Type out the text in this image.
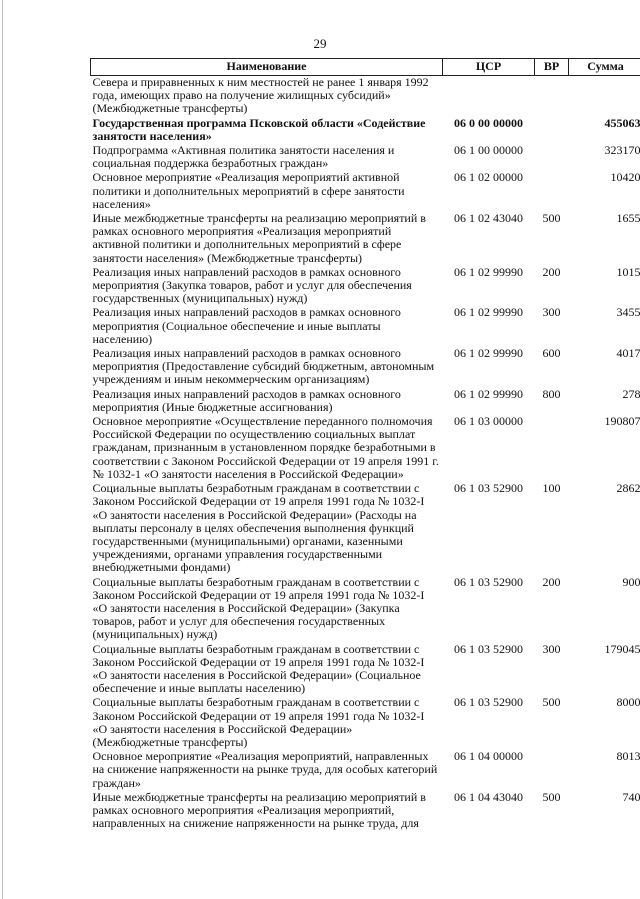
29
Наименование	ЦСР	ВР	Сумма
Севера и приравненных к ним местностей не ранее 1 января 1992 года, имеющих право на получение жилищных субсидий» (Межбюджетные трансферты)			
Государственная программа Псковской области «Содействие занятости населения»	06 0 00 00000		455063
Подпрограмма «Активная политика занятости населения и социальная поддержка безработных граждан»	06 1 00 00000		323170
Основное мероприятие «Реализация мероприятий активной политики и дополнительных мероприятий в сфере занятости населения»	06 1 02 00000		10420
Иные межбюджетные трансферты на реализацию мероприятий в рамках основного мероприятия «Реализация мероприятий активной политики и дополнительных мероприятий в сфере занятости населения» (Межбюджетные трансферты)	06 1 02 43040	500	1655
Реализация иных направлений расходов в рамках основного мероприятия (Закупка товаров, работ и услуг для обеспечения государственных (муниципальных) нужд)	06 1 02 99990	200	1015
Реализация иных направлений расходов в рамках основного мероприятия (Социальное обеспечение и иные выплаты населению)	06 1 02 99990	300	3455
Реализация иных направлений расходов в рамках основного мероприятия (Предоставление субсидий бюджетным, автономным учреждениям и иным некоммерческим организациям)	06 1 02 99990	600	4017
Реализация иных направлений расходов в рамках основного мероприятия (Иные бюджетные ассигнования)	06 1 02 99990	800	278
Основное мероприятие «Осуществление переданного полномочия Российской Федерации по осуществлению социальных выплат гражданам, признанным в установленном порядке безработными в соответствии с Законом Российской Федерации от 19 апреля 1991 г. № 1032-1 «О занятости населения в Российской Федерации»	06 1 03 00000		190807
Социальные выплаты безработным гражданам в соответствии с Законом Российской Федерации от 19 апреля 1991 года № 1032-I «О занятости населения в Российской Федерации» (Расходы на выплаты персоналу в целях обеспечения выполнения функций государственными (муниципальными) органами, казенными учреждениями, органами управления государственными внебюджетными фондами)	06 1 03 52900	100	2862
Социальные выплаты безработным гражданам в соответствии с Законом Российской Федерации от 19 апреля 1991 года № 1032-I «О занятости населения в Российской Федерации» (Закупка товаров, работ и услуг для обеспечения государственных (муниципальных) нужд)	06 1 03 52900	200	900
Социальные выплаты безработным гражданам в соответствии с Законом Российской Федерации от 19 апреля 1991 года № 1032-I «О занятости населения в Российской Федерации» (Социальное обеспечение и иные выплаты населению)	06 1 03 52900	300	179045
Социальные выплаты безработным гражданам в соответствии с Законом Российской Федерации от 19 апреля 1991 года № 1032-I «О занятости населения в Российской Федерации» (Межбюджетные трансферты)	06 1 03 52900	500	8000
Основное мероприятие «Реализация мероприятий, направленных на снижение напряженности на рынке труда, для особых категорий граждан»	06 1 04 00000		8013
Иные межбюджетные трансферты на реализацию мероприятий в рамках основного мероприятия «Реализация мероприятий, направленных на снижение напряженности на рынке труда, для	06 1 04 43040	500	740
